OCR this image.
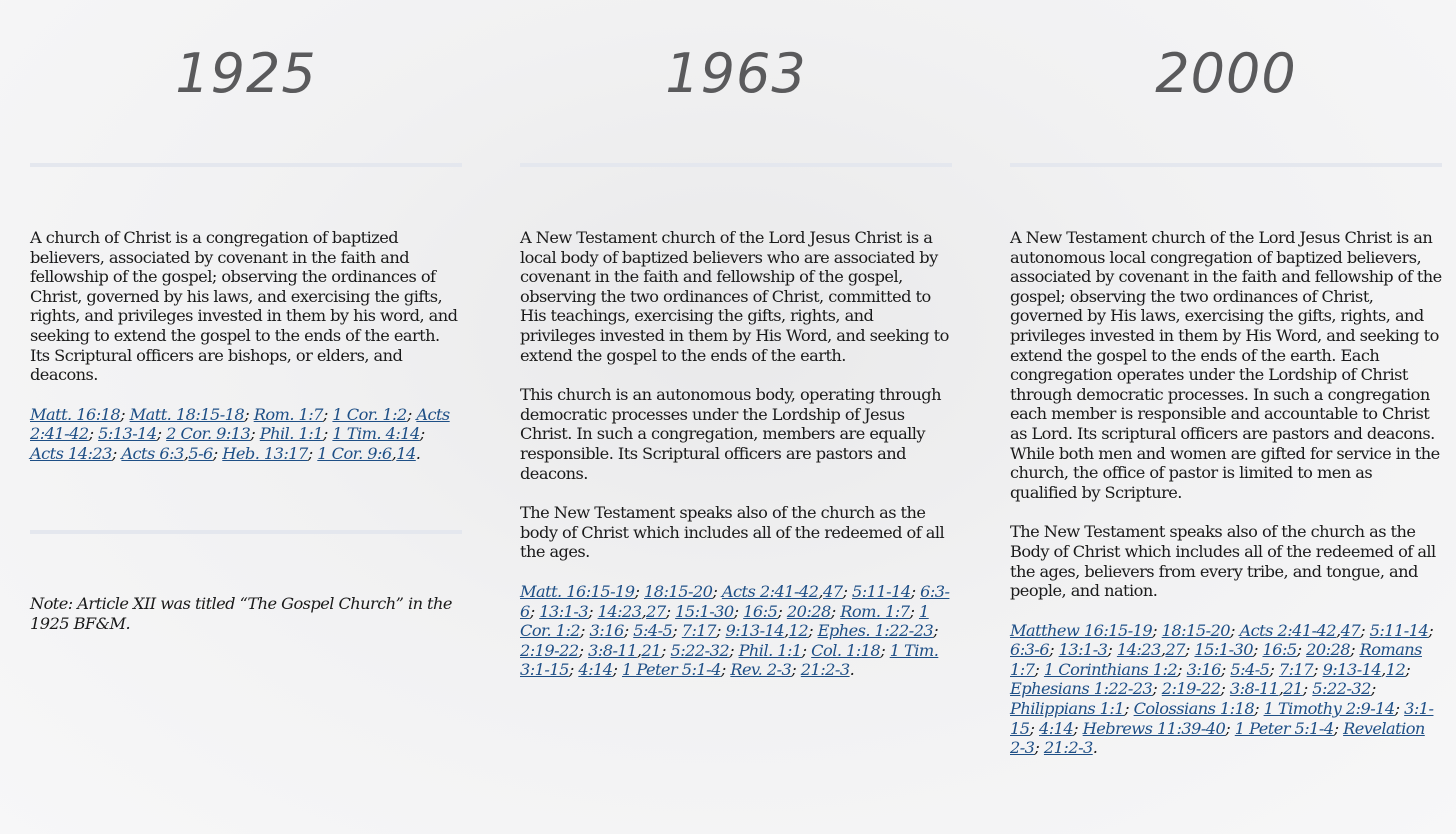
1925

A church of Christ is a congregation of baptized believers, associated by covenant in the faith and fellowship of the gospel; observing the ordinances of Christ, governed by his laws, and exercising the gifts, rights, and privileges invested in them by his word, and seeking to extend the gospel to the ends of the earth. Its Scriptural officers are bishops, or elders, and deacons.

Matt. 16:18; Matt. 18:15-18; Rom. 1:7; 1 Cor. 1:2; Acts 2:41-42; 5:13-14; 2 Cor. 9:13; Phil. 1:1; 1 Tim. 4:14; Acts 14:23; Acts 6:3,5-6; Heb. 13:17; 1 Cor. 9:6,14.

Note: Article XII was titled “The Gospel Church” in the 1925 BF&M.
1963

A New Testament church of the Lord Jesus Christ is a local body of baptized believers who are associated by covenant in the faith and fellowship of the gospel, observing the two ordinances of Christ, committed to His teachings, exercising the gifts, rights, and privileges invested in them by His Word, and seeking to extend the gospel to the ends of the earth.

This church is an autonomous body, operating through democratic processes under the Lordship of Jesus Christ. In such a congregation, members are equally responsible. Its Scriptural officers are pastors and deacons.

The New Testament speaks also of the church as the body of Christ which includes all of the redeemed of all the ages.

Matt. 16:15-19; 18:15-20; Acts 2:41-42,47; 5:11-14; 6:3-6; 13:1-3; 14:23,27; 15:1-30; 16:5; 20:28; Rom. 1:7; 1 Cor. 1:2; 3:16; 5:4-5; 7:17; 9:13-14,12; Ephes. 1:22-23; 2:19-22; 3:8-11,21; 5:22-32; Phil. 1:1; Col. 1:18; 1 Tim. 3:1-15; 4:14; 1 Peter 5:1-4; Rev. 2-3; 21:2-3.

2000

A New Testament church of the Lord Jesus Christ is an autonomous local congregation of baptized believers, associated by covenant in the faith and fellowship of the gospel; observing the two ordinances of Christ, governed by His laws, exercising the gifts, rights, and privileges invested in them by His Word, and seeking to extend the gospel to the ends of the earth. Each congregation operates under the Lordship of Christ through democratic processes. In such a congregation each member is responsible and accountable to Christ as Lord. Its scriptural officers are pastors and deacons. While both men and women are gifted for service in the church, the office of pastor is limited to men as qualified by Scripture.

The New Testament speaks also of the church as the Body of Christ which includes all of the redeemed of all the ages, believers from every tribe, and tongue, and people, and nation.

Matthew 16:15-19; 18:15-20; Acts 2:41-42,47; 5:11-14; 6:3-6; 13:1-3; 14:23,27; 15:1-30; 16:5; 20:28; Romans 1:7; 1 Corinthians 1:2; 3:16; 5:4-5; 7:17; 9:13-14,12; Ephesians 1:22-23; 2:19-22; 3:8-11,21; 5:22-32; Philippians 1:1; Colossians 1:18; 1 Timothy 2:9-14; 3:1-15; 4:14; Hebrews 11:39-40; 1 Peter 5:1-4; Revelation 2-3; 21:2-3.
